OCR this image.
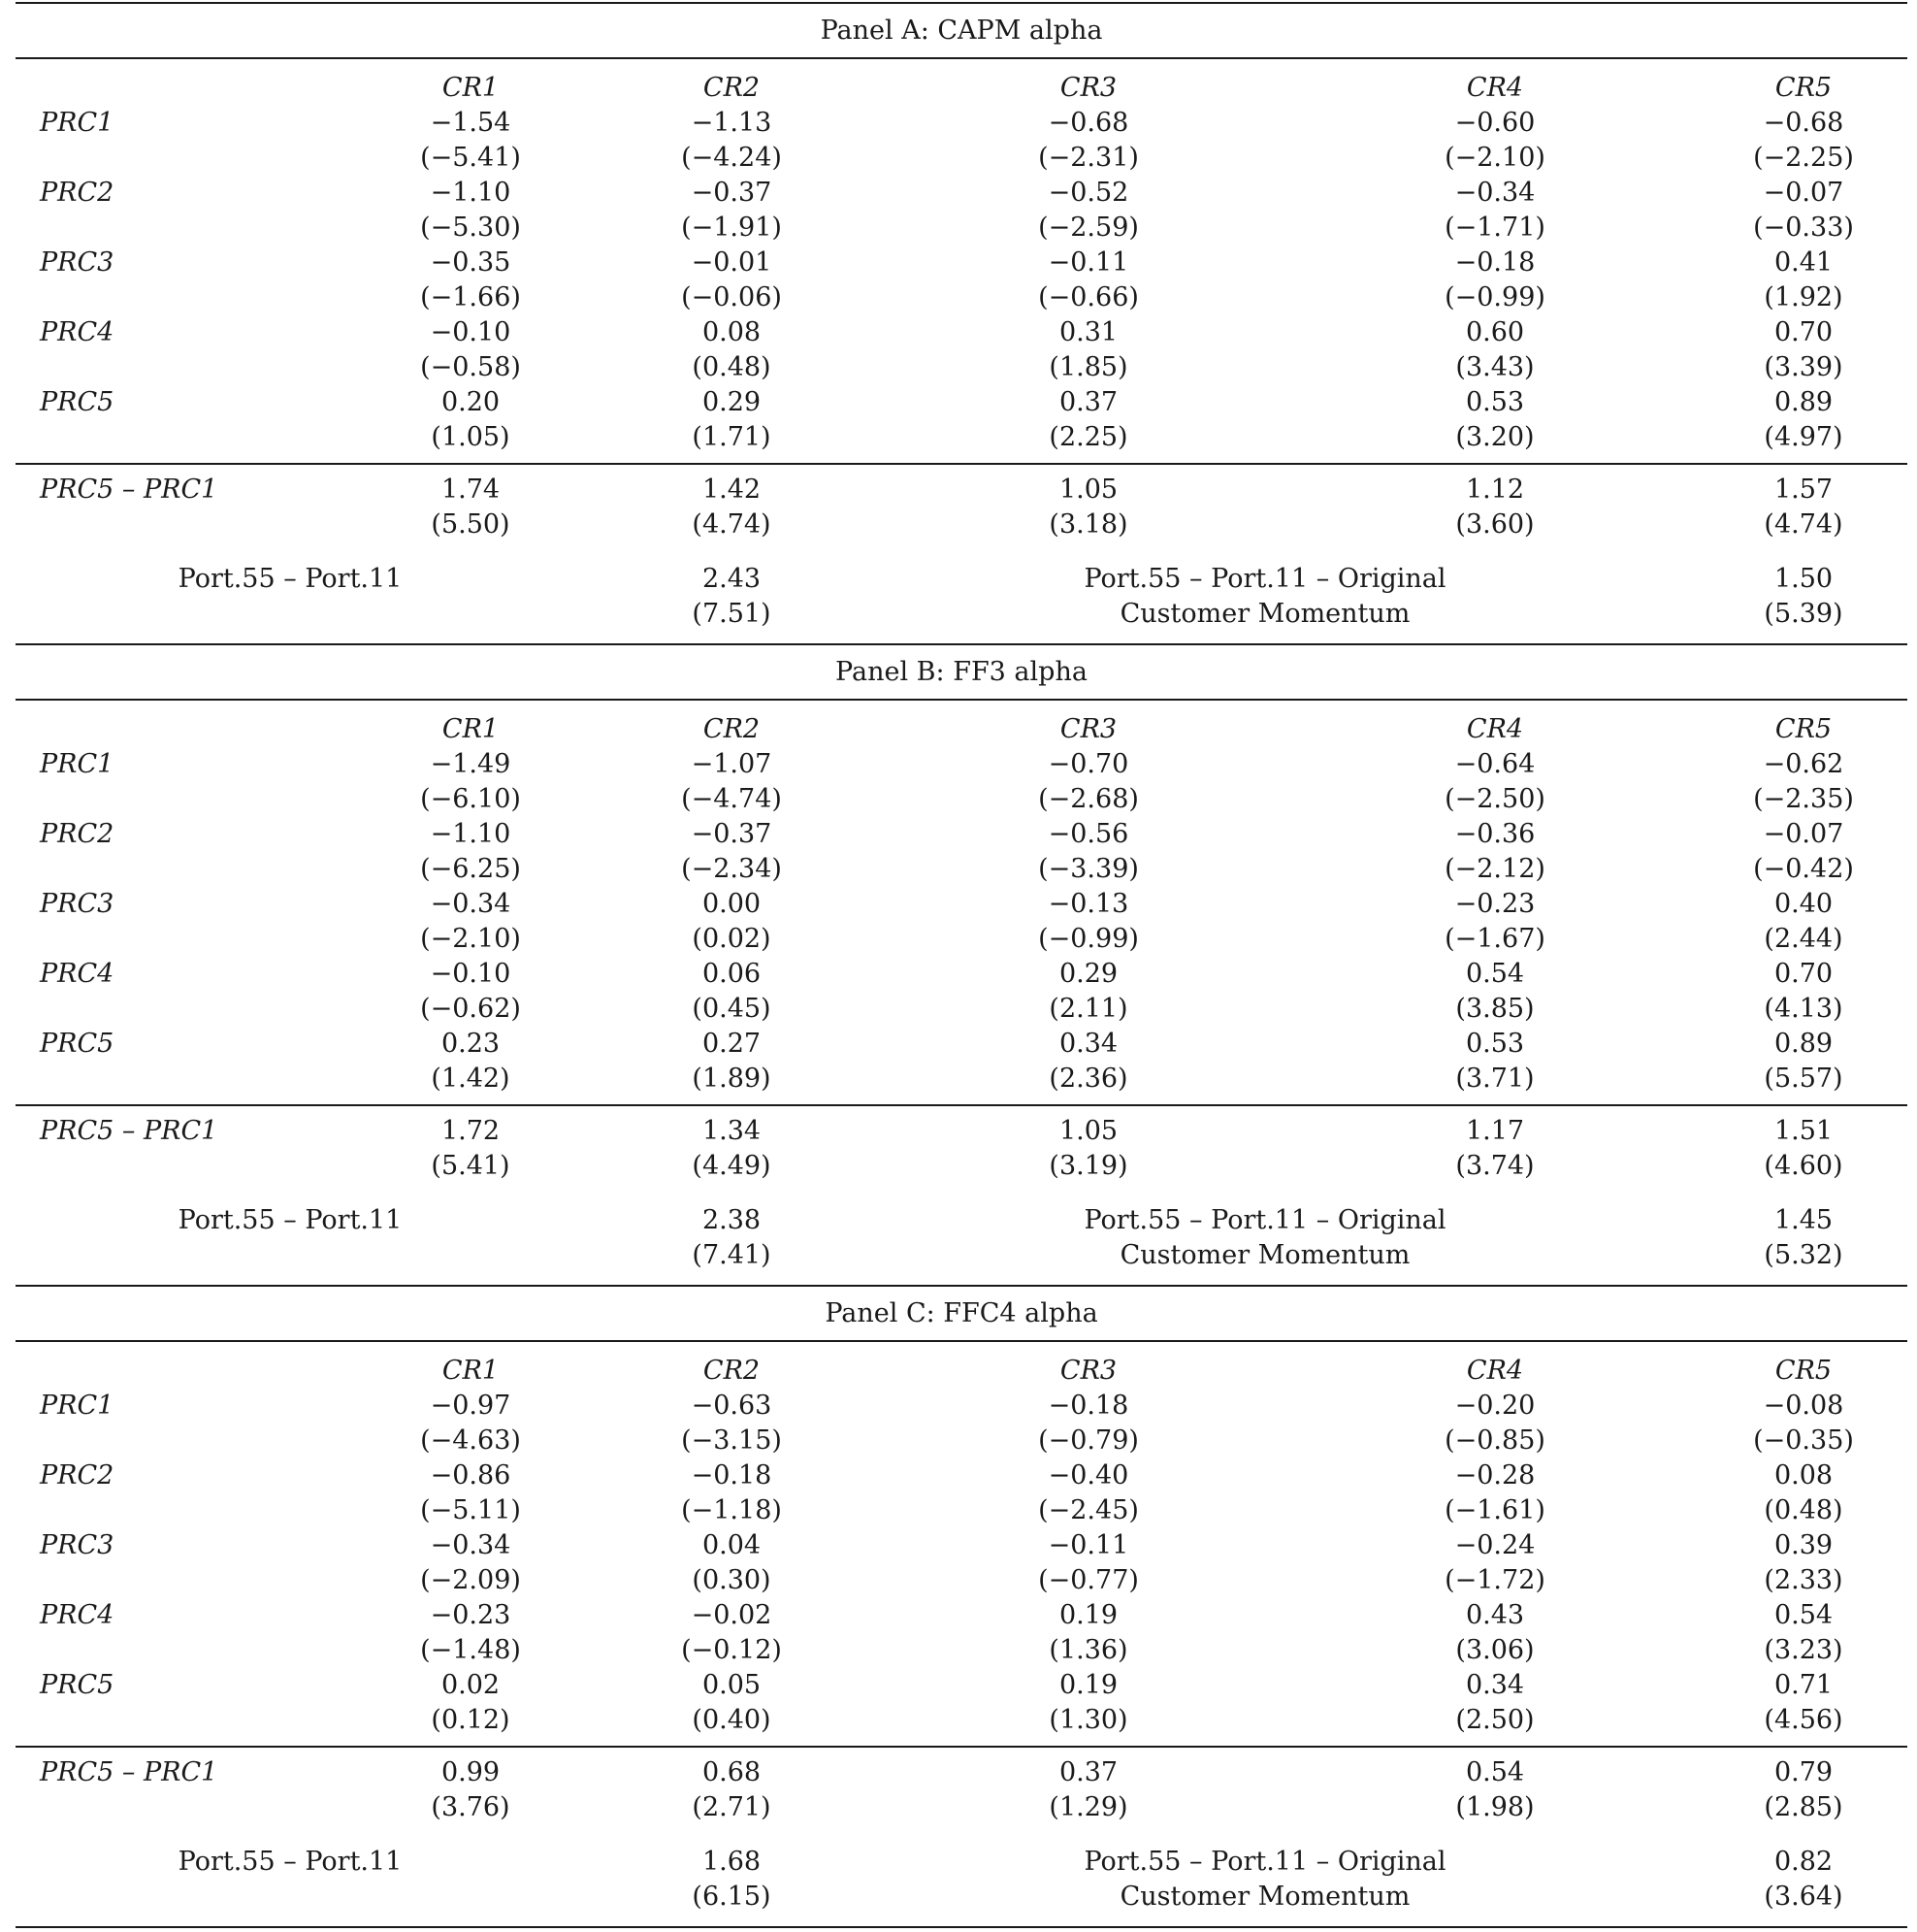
Panel A: CAPM alpha
CR1	CR2	CR3	CR4	CR5
PRC1	−1.54	−1.13	−0.68	−0.60	−0.68
(−5.41)	(−4.24)	(−2.31)	(−2.10)	(−2.25)
PRC2	−1.10	−0.37	−0.52	−0.34	−0.07
(−5.30)	(−1.91)	(−2.59)	(−1.71)	(−0.33)
PRC3	−0.35	−0.01	−0.11	−0.18	0.41
(−1.66)	(−0.06)	(−0.66)	(−0.99)	(1.92)
PRC4	−0.10	0.08	0.31	0.60	0.70
(−0.58)	(0.48)	(1.85)	(3.43)	(3.39)
PRC5	0.20	0.29	0.37	0.53	0.89
(1.05)	(1.71)	(2.25)	(3.20)	(4.97)
PRC5 – PRC1	1.74	1.42	1.05	1.12	1.57
(5.50)	(4.74)	(3.18)	(3.60)	(4.74)
Port.55 – Port.11	2.43	Port.55 – Port.11 – Original	1.50
(7.51)	Customer Momentum	(5.39)
Panel B: FF3 alpha
CR1	CR2	CR3	CR4	CR5
PRC1	−1.49	−1.07	−0.70	−0.64	−0.62
(−6.10)	(−4.74)	(−2.68)	(−2.50)	(−2.35)
PRC2	−1.10	−0.37	−0.56	−0.36	−0.07
(−6.25)	(−2.34)	(−3.39)	(−2.12)	(−0.42)
PRC3	−0.34	0.00	−0.13	−0.23	0.40
(−2.10)	(0.02)	(−0.99)	(−1.67)	(2.44)
PRC4	−0.10	0.06	0.29	0.54	0.70
(−0.62)	(0.45)	(2.11)	(3.85)	(4.13)
PRC5	0.23	0.27	0.34	0.53	0.89
(1.42)	(1.89)	(2.36)	(3.71)	(5.57)
PRC5 – PRC1	1.72	1.34	1.05	1.17	1.51
(5.41)	(4.49)	(3.19)	(3.74)	(4.60)
Port.55 – Port.11	2.38	Port.55 – Port.11 – Original	1.45
(7.41)	Customer Momentum	(5.32)
Panel C: FFC4 alpha
CR1	CR2	CR3	CR4	CR5
PRC1	−0.97	−0.63	−0.18	−0.20	−0.08
(−4.63)	(−3.15)	(−0.79)	(−0.85)	(−0.35)
PRC2	−0.86	−0.18	−0.40	−0.28	0.08
(−5.11)	(−1.18)	(−2.45)	(−1.61)	(0.48)
PRC3	−0.34	0.04	−0.11	−0.24	0.39
(−2.09)	(0.30)	(−0.77)	(−1.72)	(2.33)
PRC4	−0.23	−0.02	0.19	0.43	0.54
(−1.48)	(−0.12)	(1.36)	(3.06)	(3.23)
PRC5	0.02	0.05	0.19	0.34	0.71
(0.12)	(0.40)	(1.30)	(2.50)	(4.56)
PRC5 – PRC1	0.99	0.68	0.37	0.54	0.79
(3.76)	(2.71)	(1.29)	(1.98)	(2.85)
Port.55 – Port.11	1.68	Port.55 – Port.11 – Original	0.82
(6.15)	Customer Momentum	(3.64)
